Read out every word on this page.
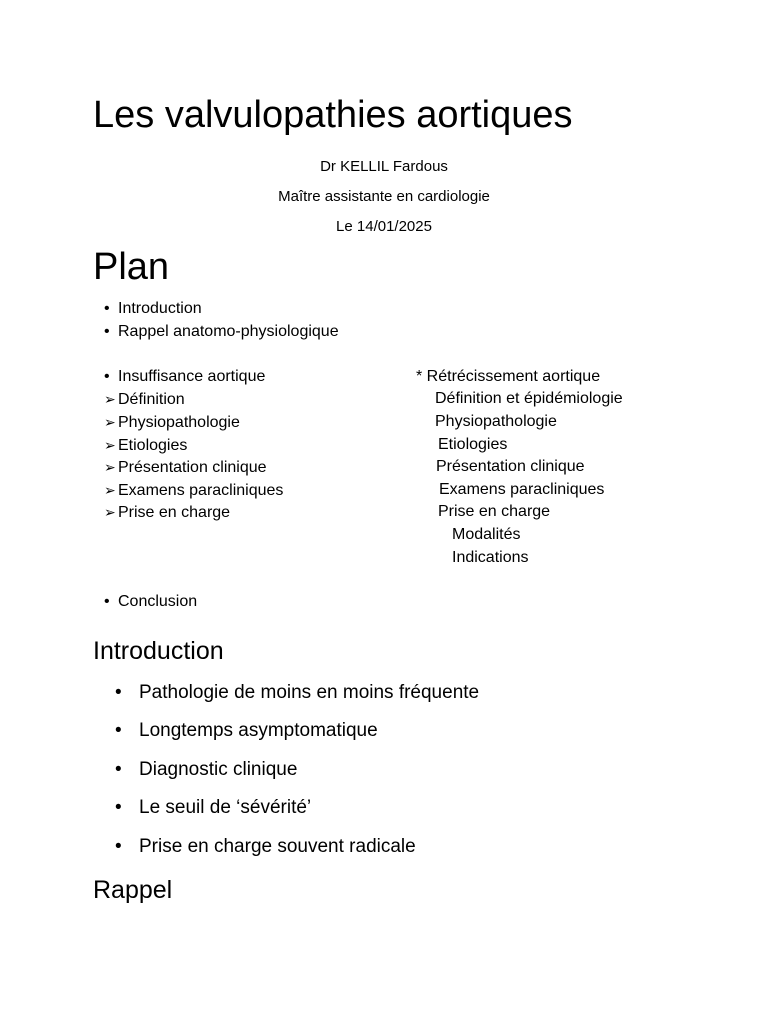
Les valvulopathies aortiques
Dr KELLIL Fardous
Maître assistante en cardiologie
Le 14/01/2025
Plan
• Introduction
• Rappel anatomo-physiologique
• Insuffisance aortique
➢ Définition
➢ Physiopathologie
➢ Etiologies
➢ Présentation clinique
➢ Examens paracliniques
➢ Prise en charge
* Rétrécissement aortique
Définition et épidémiologie
Physiopathologie
Etiologies
Présentation clinique
Examens paracliniques
Prise en charge
Modalités
Indications
• Conclusion
Introduction
• Pathologie de moins en moins fréquente
• Longtemps asymptomatique
• Diagnostic clinique
• Le seuil de ‘sévérité’
• Prise en charge souvent radicale
Rappel
